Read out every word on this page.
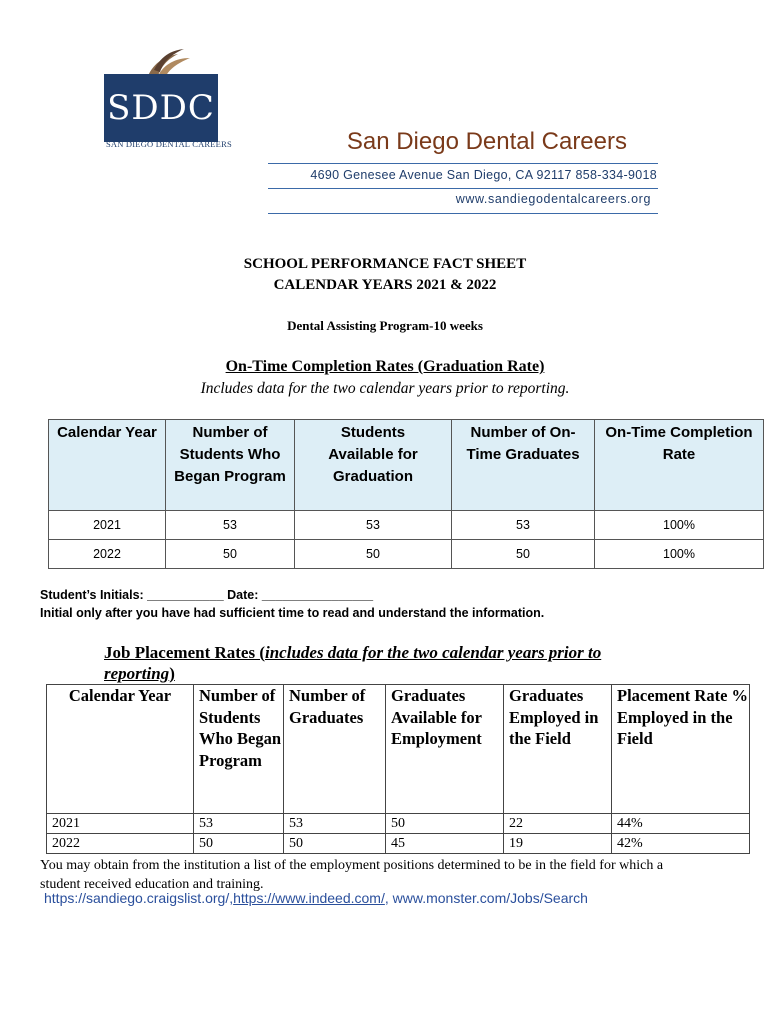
SDDC
SAN DIEGO DENTAL CAREERS	San Diego Dental Careers
4690 Genesee Avenue San Diego, CA 92117 858-334-9018
www.sandiegodentalcareers.org
SCHOOL PERFORMANCE FACT SHEET
CALENDAR YEARS 2021 & 2022
Dental Assisting Program-10 weeks
On-Time Completion Rates (Graduation Rate)
Includes data for the two calendar years prior to reporting.
Calendar Year	Number of Students Who Began Program	Students Available for Graduation	Number of On-Time Graduates	On-Time Completion Rate
2021	53	53	53	100%
2022	50	50	50	100%
Student’s Initials: ___________ Date: ________________
Initial only after you have had sufficient time to read and understand the information.
Job Placement Rates (includes data for the two calendar years prior to reporting)
Calendar Year	Number of Students Who Began Program	Number of Graduates	Graduates Available for Employment	Graduates Employed in the Field	Placement Rate % Employed in the Field
2021	53	53	50	22	44%
2022	50	50	45	19	42%
You may obtain from the institution a list of the employment positions determined to be in the field for which a student received education and training.
https://sandiego.craigslist.org/,https://www.indeed.com/, www.monster.com/Jobs/Search
